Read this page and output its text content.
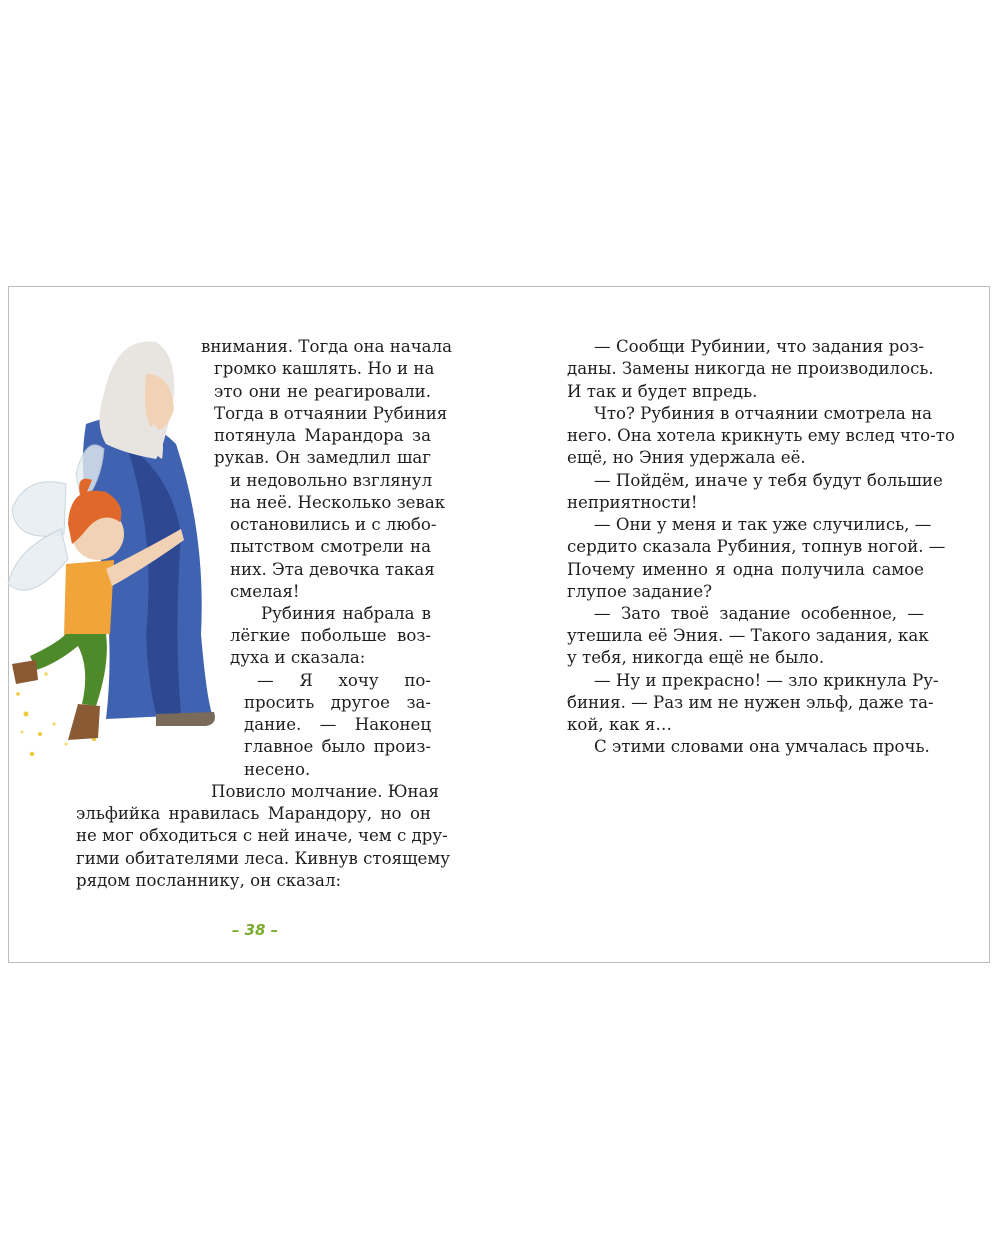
внимания. Тогда она начала
громко кашлять. Но и на
это они не реагировали.
Тогда в отчаянии Рубиния
потянула Марандора за
рукав. Он замедлил шаг
и недовольно взглянул
на неё. Несколько зевак
остановились и с любо-
пытством смотрели на
них. Эта девочка такая
смелая!
Рубиния набрала в
лёгкие побольше воз-
духа и сказала:
— Я хочу по-
просить другое за-
дание. — Наконец
главное было произ-
несено.
Повисло молчание. Юная
эльфийка нравилась Марандору, но он
не мог обходиться с ней иначе, чем с дру-
гими обитателями леса. Кивнув стоящему
рядом посланнику, он сказал:
– 38 –
— Сообщи Рубинии, что задания роз-
даны. Замены никогда не производилось.
И так и будет впредь.
Что? Рубиния в отчаянии смотрела на
него. Она хотела крикнуть ему вслед что-то
ещё, но Эния удержала её.
— Пойдём, иначе у тебя будут большие
неприятности!
— Они у меня и так уже случились, —
сердито сказала Рубиния, топнув ногой. —
Почему именно я одна получила самое
глупое задание?
— Зато твоё задание особенное, —
утешила её Эния. — Такого задания, как
у тебя, никогда ещё не было.
— Ну и прекрасно! — зло крикнула Ру-
биния. — Раз им не нужен эльф, даже та-
кой, как я…
С этими словами она умчалась прочь.
